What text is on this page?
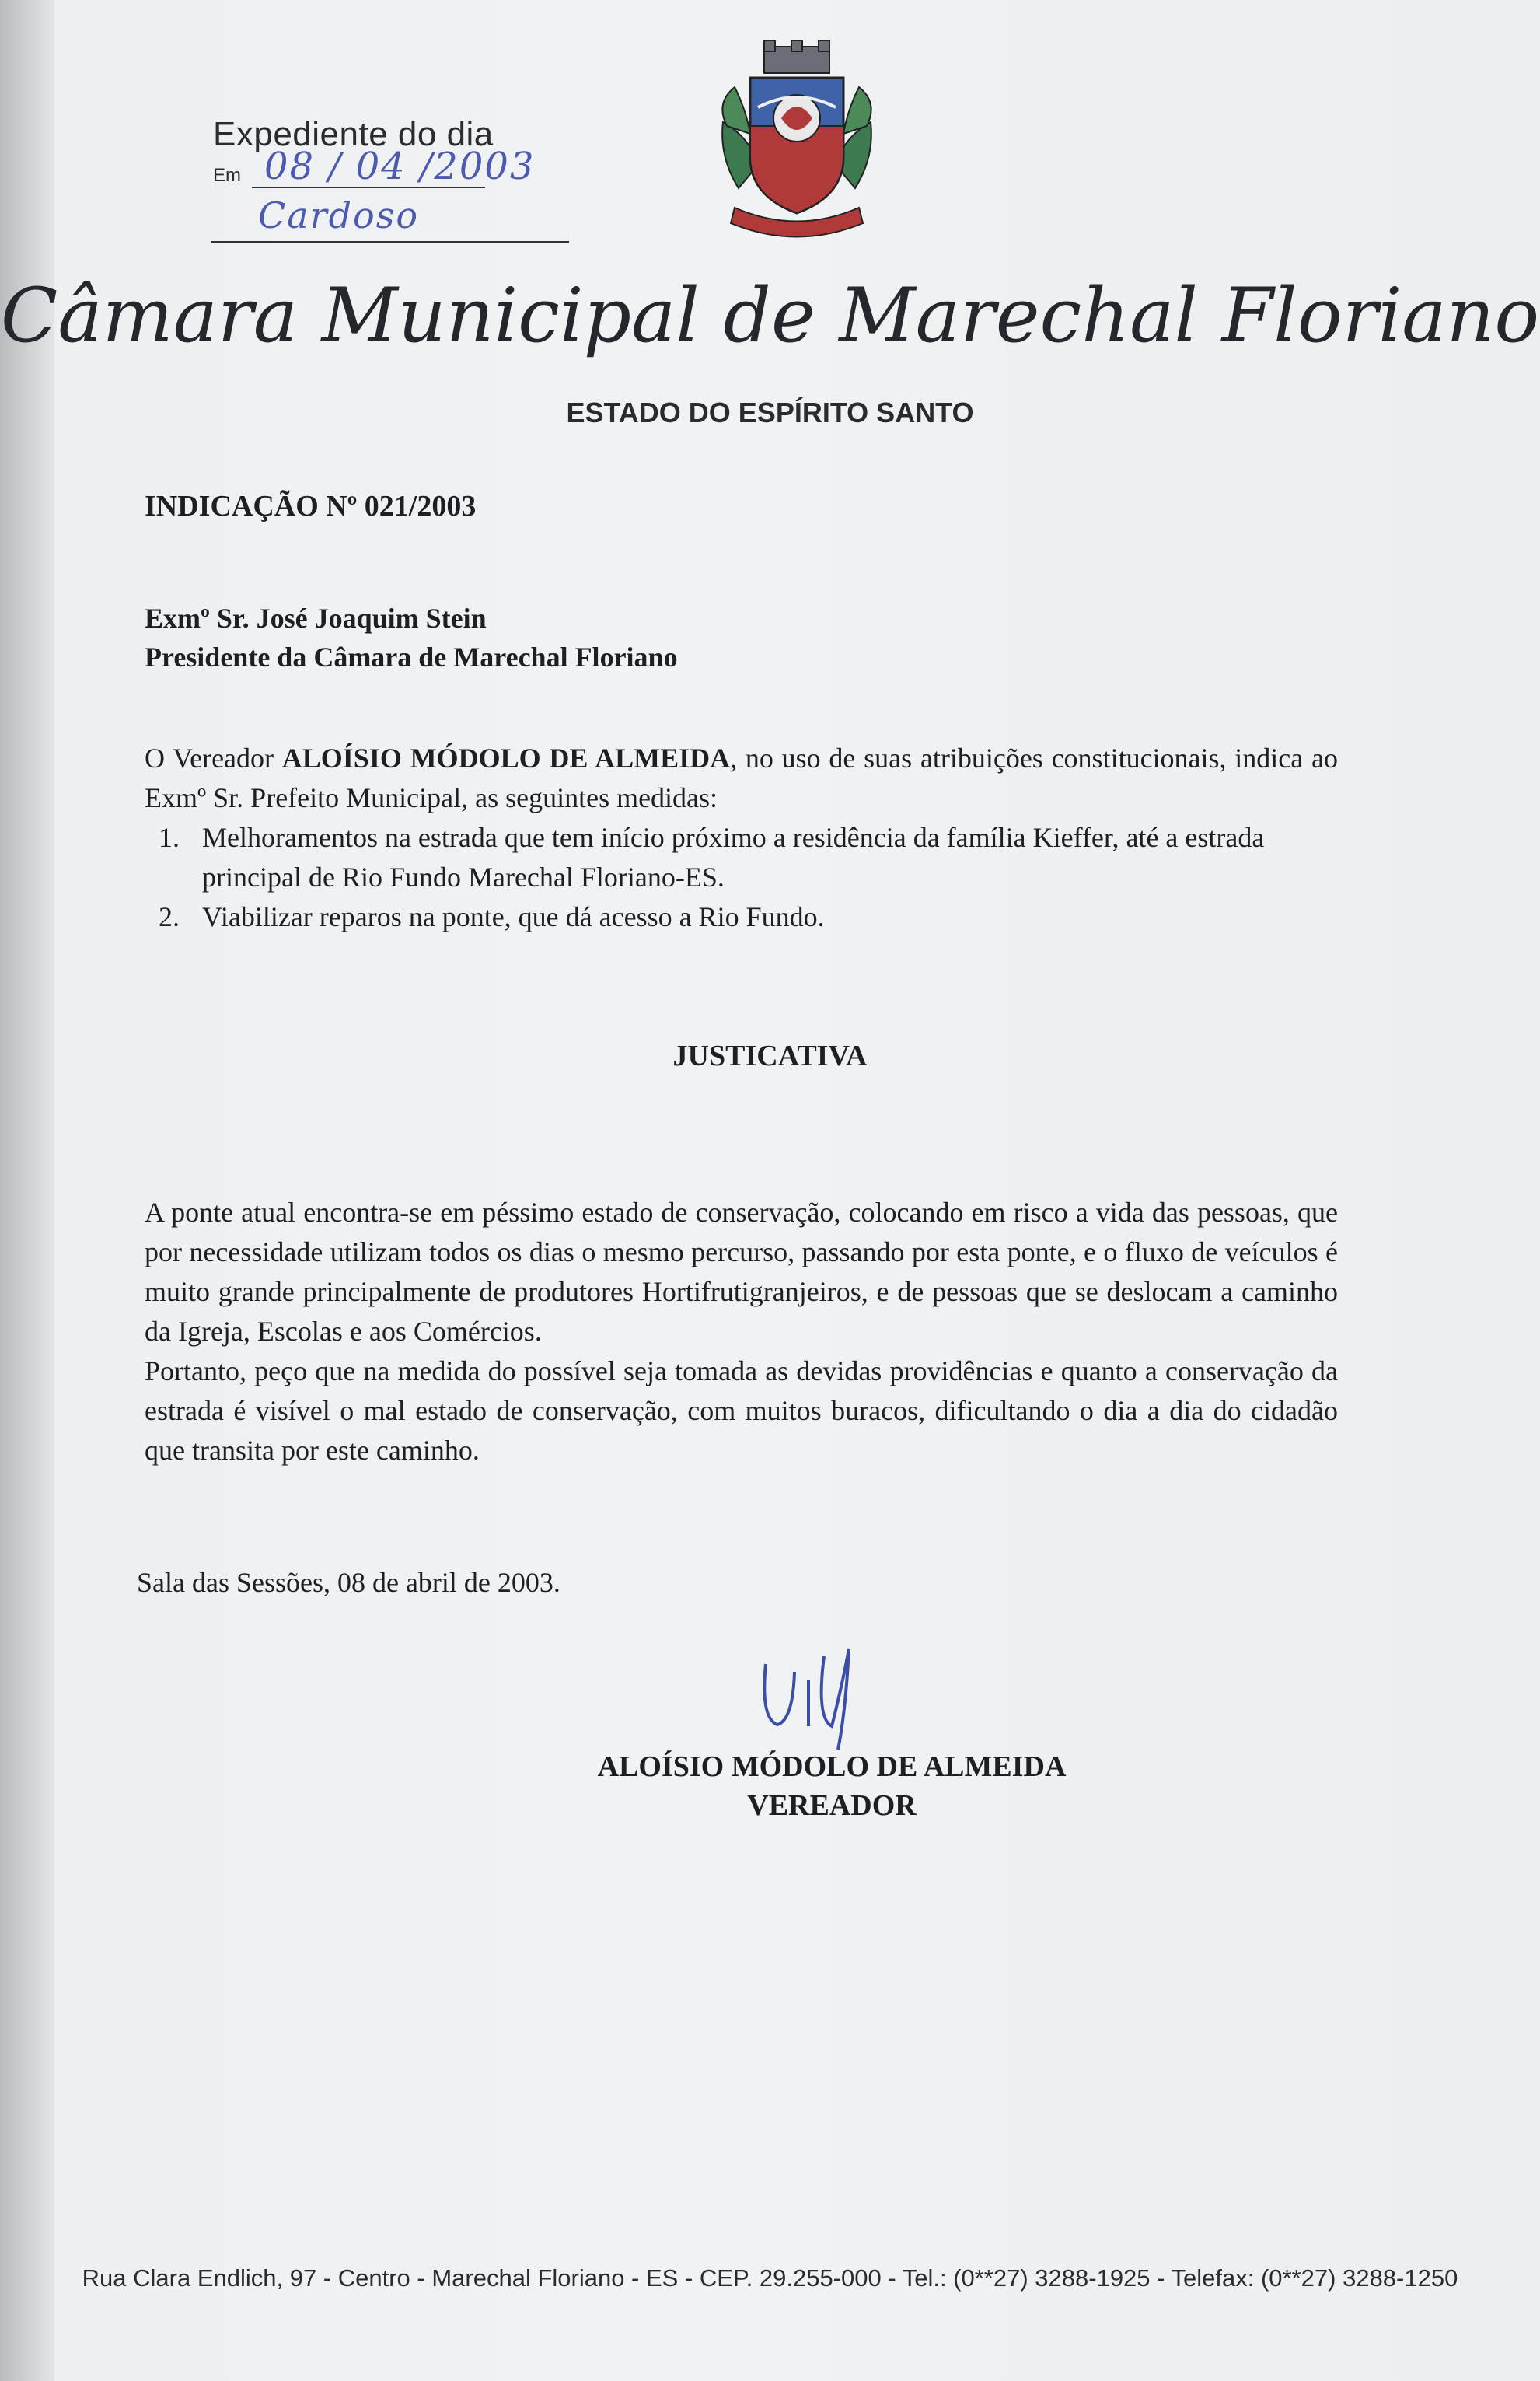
Expediente do dia
Em 08 / 04 /2003
Cardoso
Câmara Municipal de Marechal Floriano
ESTADO DO ESPÍRITO SANTO
INDICAÇÃO Nº 021/2003
Exmº Sr. José Joaquim Stein
Presidente da Câmara de Marechal Floriano
O Vereador ALOÍSIO MÓDOLO DE ALMEIDA, no uso de suas atribuições constitucionais, indica ao Exmº Sr. Prefeito Municipal, as seguintes medidas:
1. Melhoramentos na estrada que tem início próximo a residência da família Kieffer, até a estrada principal de Rio Fundo Marechal Floriano-ES.
2. Viabilizar reparos na ponte, que dá acesso a Rio Fundo.
JUSTICATIVA

A ponte atual encontra-se em péssimo estado de conservação, colocando em risco a vida das pessoas, que por necessidade utilizam todos os dias o mesmo percurso, passando por esta ponte, e o fluxo de veículos é muito grande principalmente de produtores Hortifrutigranjeiros, e de pessoas que se deslocam a caminho da Igreja, Escolas e aos Comércios.

Portanto, peço que na medida do possível seja tomada as devidas providências e quanto a conservação da estrada é visível o mal estado de conservação, com muitos buracos, dificultando o dia a dia do cidadão que transita por este caminho.

Sala das Sessões, 08 de abril de 2003.
ALOÍSIO MÓDOLO DE ALMEIDA
VEREADOR
Rua Clara Endlich, 97 - Centro - Marechal Floriano - ES - CEP. 29.255-000 - Tel.: (0**27) 3288-1925 - Telefax: (0**27) 3288-1250
